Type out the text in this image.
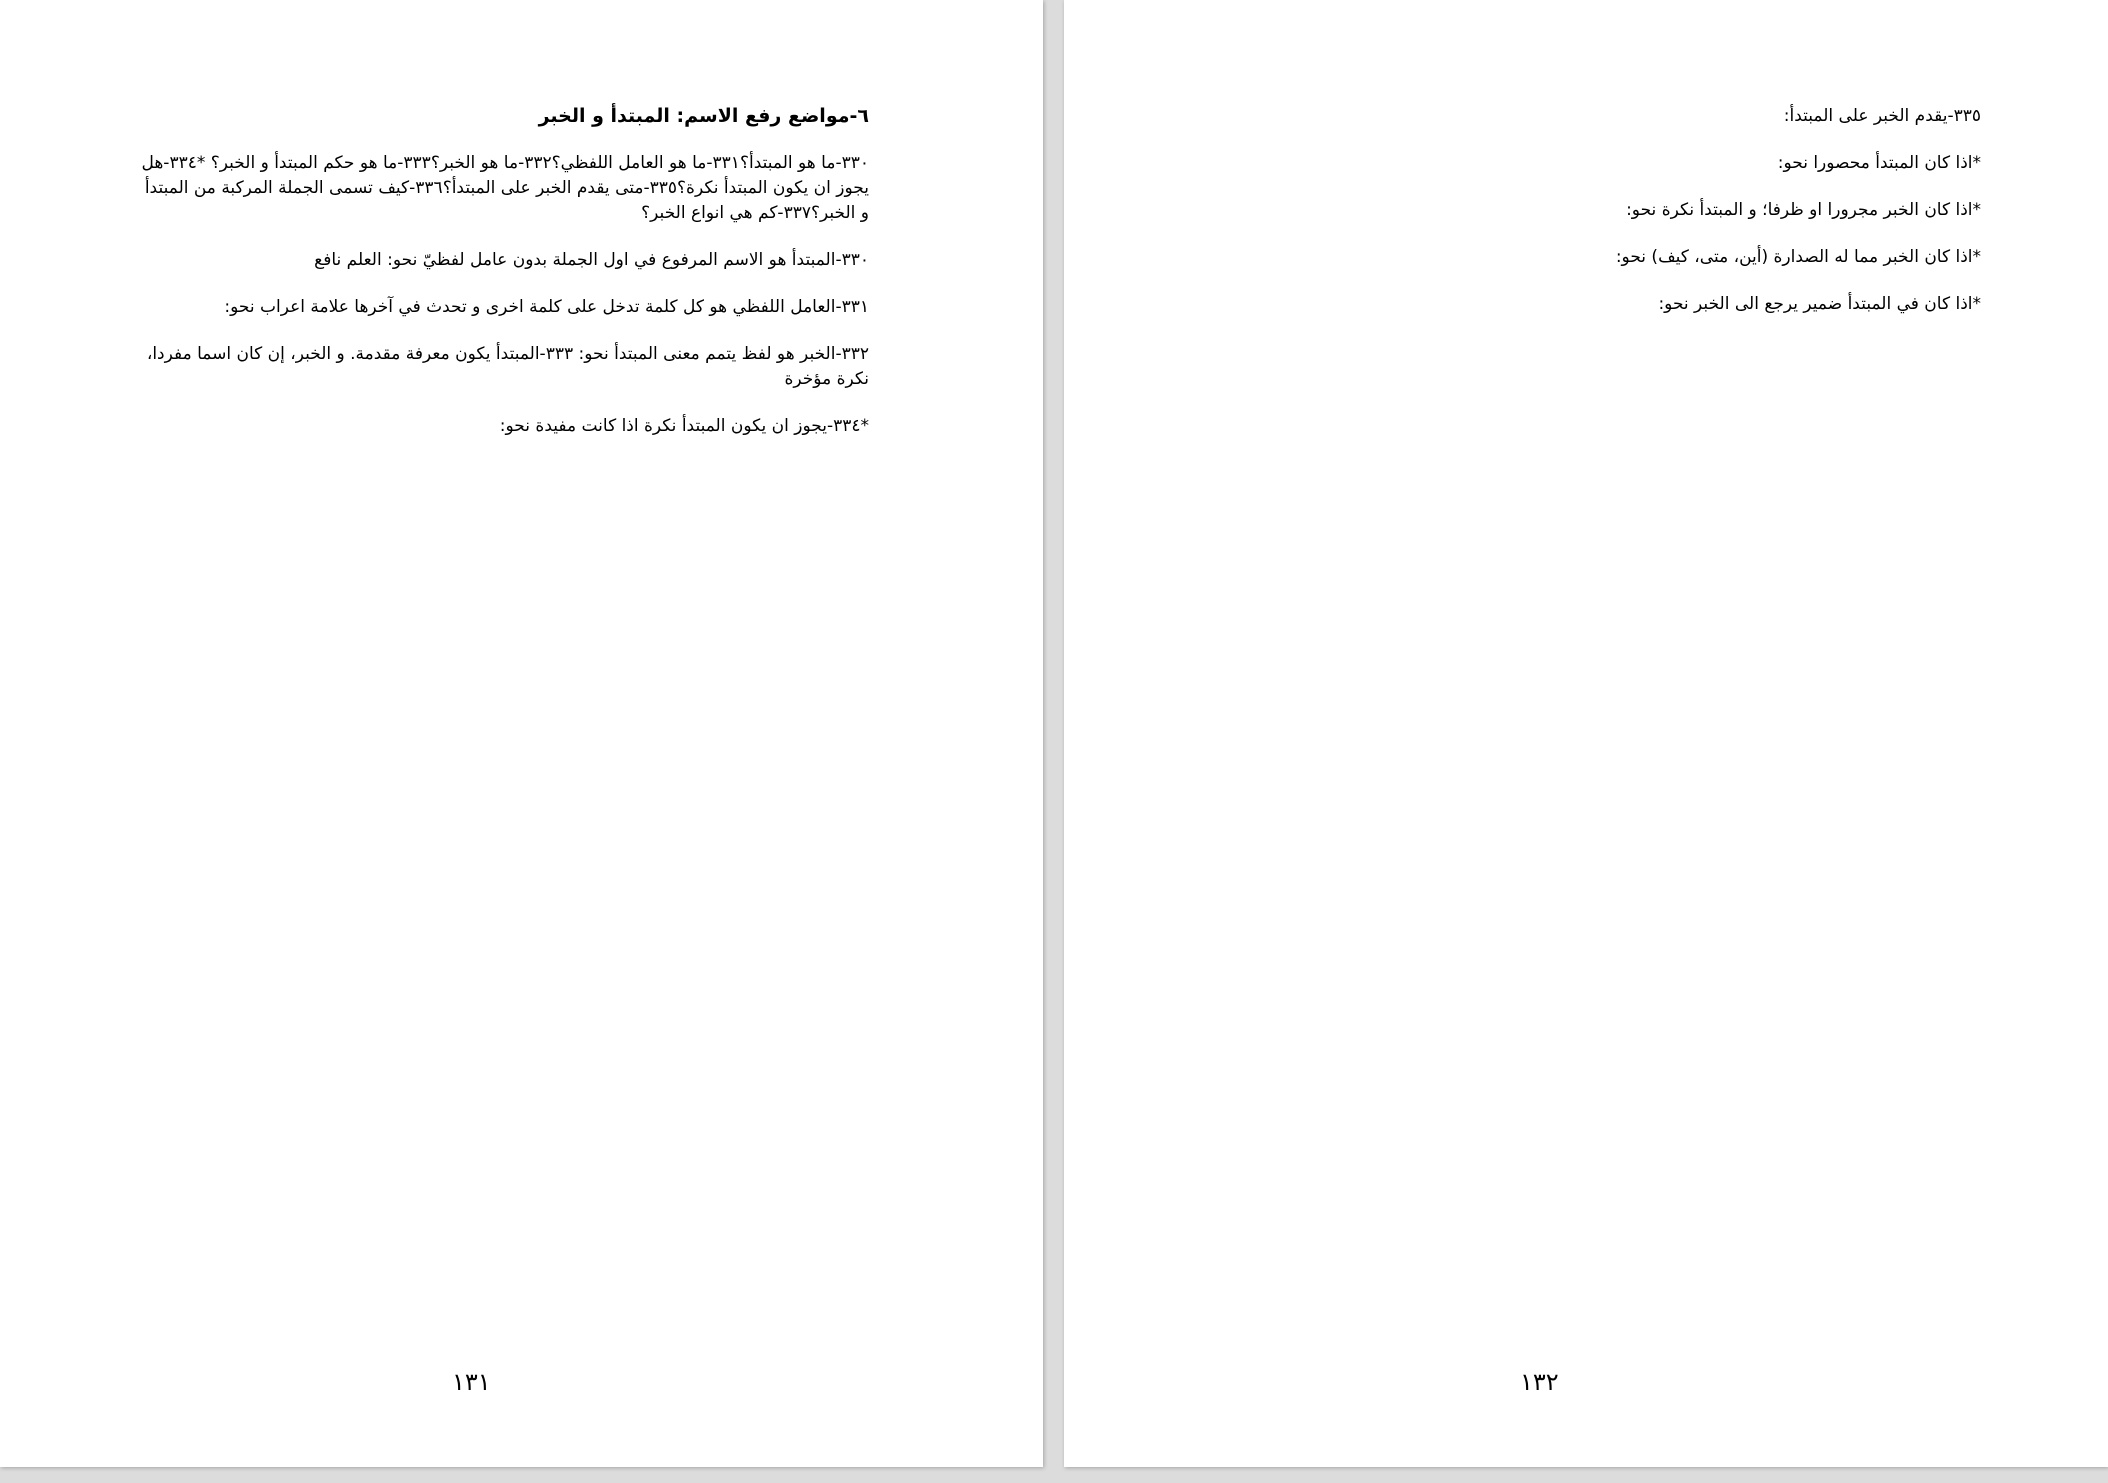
٦-مواضع رفع الاسم: المبتدأ و الخبر
٣٣٠-ما هو المبتدأ؟٣٣١-ما هو العامل اللفظي؟٣٣٢-ما هو الخبر؟٣٣٣-ما هو حكم المبتدأ و الخبر؟ *٣٣٤-هل يجوز ان يكون المبتدأ نكرة؟٣٣٥-متى يقدم الخبر على المبتدأ؟٣٣٦-كيف تسمى الجملة المركبة من المبتدأ و الخبر؟٣٣٧-كم هي انواع الخبر؟
٣٣٠-المبتدأ هو الاسم المرفوع في اول الجملة بدون عامل لفظيّ نحو: العلم نافع
٣٣١-العامل اللفظي هو كل كلمة تدخل على كلمة اخرى و تحدث في آخرها علامة اعراب نحو:
٣٣٢-الخبر هو لفظ يتمم معنى المبتدأ نحو: ٣٣٣-المبتدأ يكون معرفة مقدمة. و الخبر، إن كان اسما مفردا، نكرة مؤخرة
*٣٣٤-يجوز ان يكون المبتدأ نكرة اذا كانت مفيدة نحو:
١٣١
٣٣٥-يقدم الخبر على المبتدأ:
*اذا كان المبتدأ محصورا نحو:
*اذا كان الخبر مجرورا او ظرفا؛ و المبتدأ نكرة نحو:
*اذا كان الخبر مما له الصدارة (أين، متى، كيف) نحو:
*اذا كان في المبتدأ ضمير يرجع الى الخبر نحو:
١٣٢
